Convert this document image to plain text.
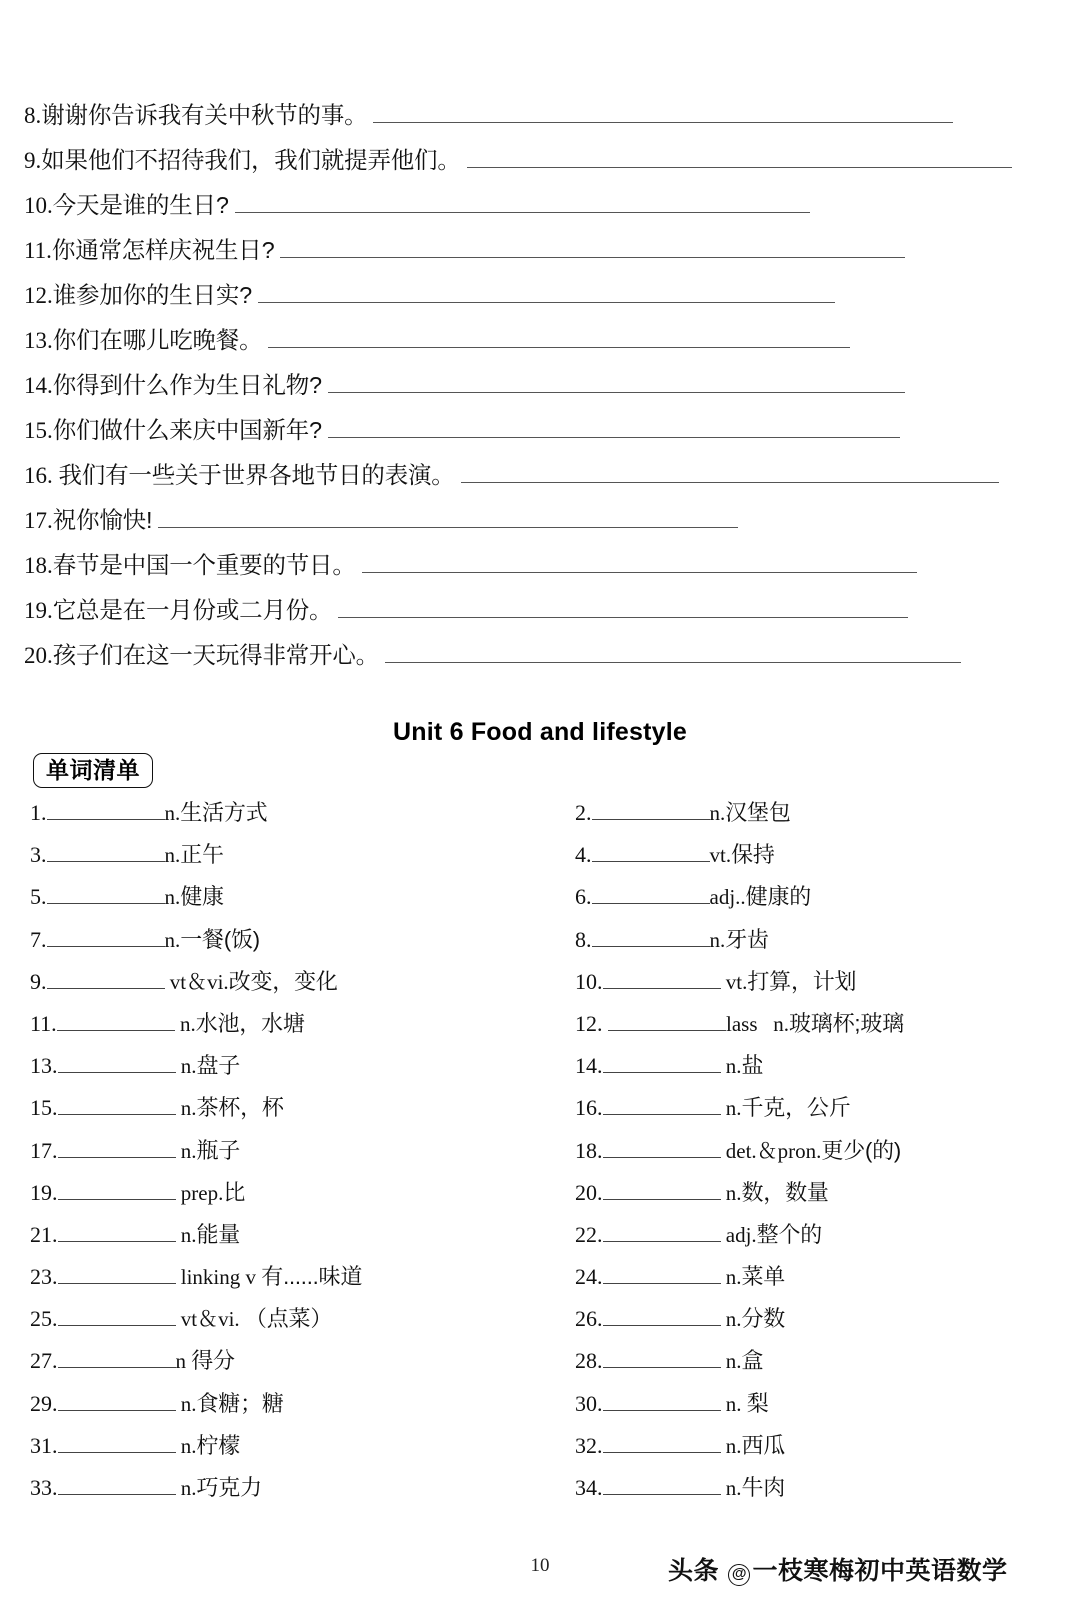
8. 谢谢你告诉我有关中秋节的事。
9. 如果他们不招待我们，我们就提弄他们。
10. 今天是谁的生日?
11. 你通常怎样庆祝生日?
12. 谁参加你的生日实?
13. 你们在哪儿吃晚餐。
14. 你得到什么作为生日礼物?
15. 你们做什么来庆中国新年?
16. 我们有一些关于世界各地节日的表演。
17. 祝你愉快!
18. 春节是中国一个重要的节日。
19. 它总是在一月份或二月份。
20. 孩子们在这一天玩得非常开心。
Unit 6 Food and lifestyle
单词清单
1.	n. 生活方式	2.	n. 汉堡包
3.	n. 正午	4.	vt. 保持
5.	n. 健康	6.	adj.. 健康的
7.	n. 一餐(饭)	8.	n. 牙齿
9.	vt＆vi. 改变，变化	10.	vt. 打算，计划
11.	n. 水池，水塘	12.	lass   n. 玻璃杯;玻璃
13.	n. 盘子	14.	n. 盐
15.	n. 茶杯，杯	16.	n. 千克，公斤
17.	n. 瓶子	18.	det.＆pron. 更少(的)
19.	prep. 比	20.	n. 数，数量
21.	n. 能量	22.	adj. 整个的
23.	linking v 有......味道	24.	n. 菜单
25.	vt＆vi. （点菜）	26.	n. 分数
27.	n 得分	28.	n. 盒
29.	n. 食糖；糖	30.	n. 梨
31.	n. 柠檬	32.	n. 西瓜
33.	n. 巧克力	34.	n. 牛肉
10	头条 @ 一枝寒梅初中英语数学
